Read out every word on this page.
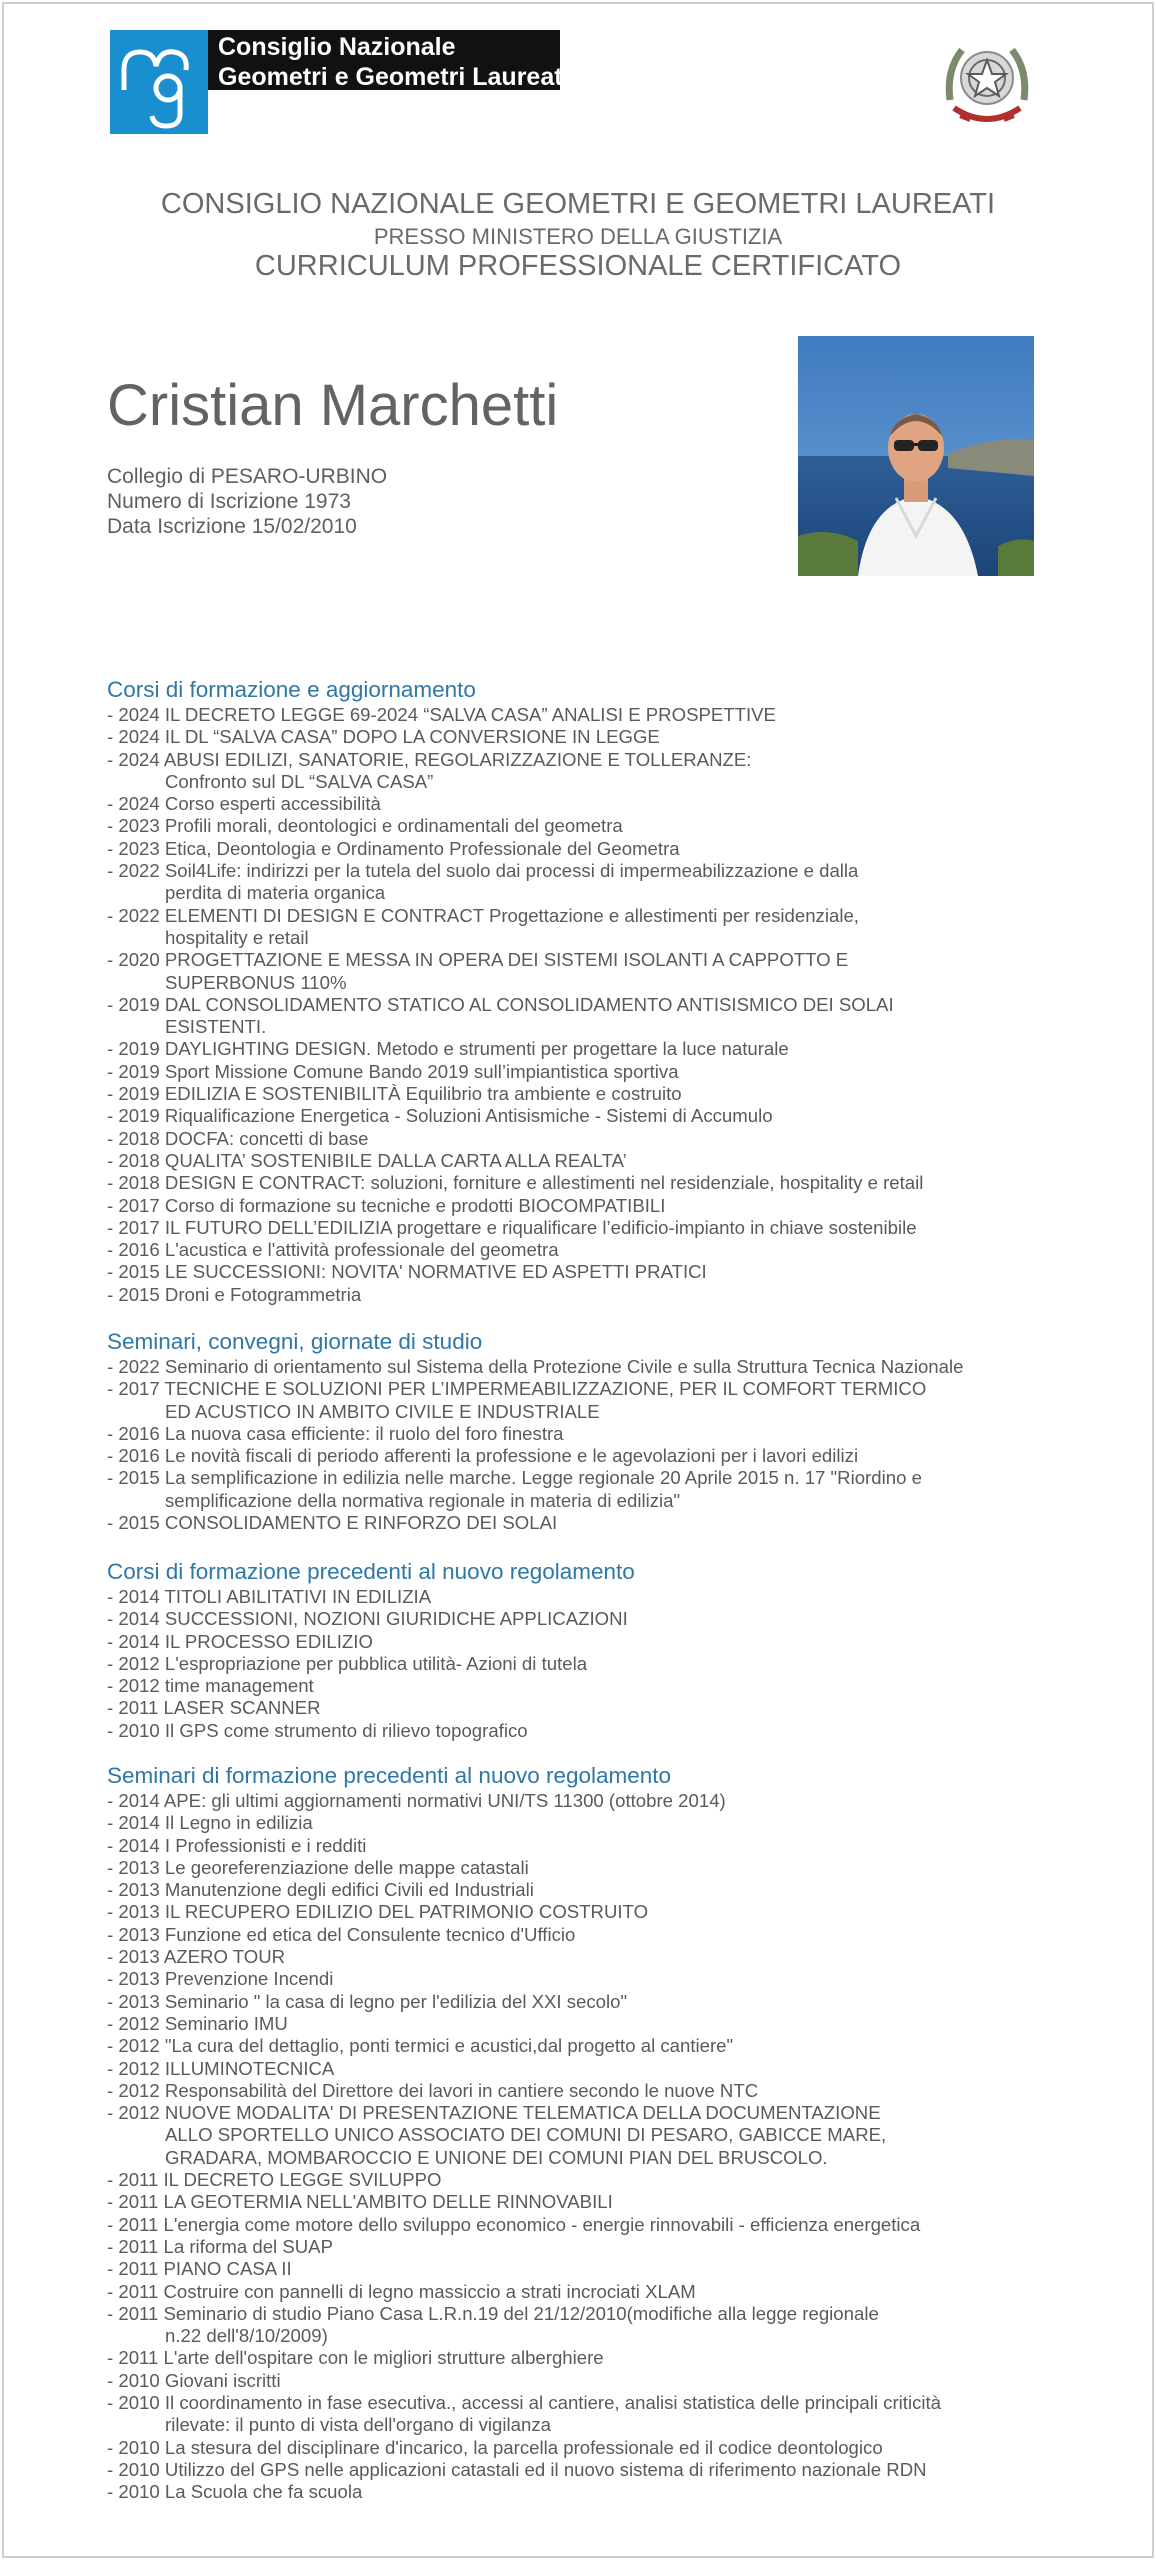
Consiglio Nazionale
Geometri e Geometri Laureati
CONSIGLIO NAZIONALE GEOMETRI E GEOMETRI LAUREATI
PRESSO MINISTERO DELLA GIUSTIZIA
CURRICULUM PROFESSIONALE CERTIFICATO
Cristian Marchetti
Collegio di PESARO-URBINO
Numero di Iscrizione 1973
Data Iscrizione 15/02/2010
Corsi di formazione e aggiornamento
- 2024 IL DECRETO LEGGE 69-2024 “SALVA CASA” ANALISI E PROSPETTIVE
- 2024 IL DL “SALVA CASA” DOPO LA CONVERSIONE IN LEGGE
- 2024 ABUSI EDILIZI, SANATORIE, REGOLARIZZAZIONE E TOLLERANZE:
Confronto sul DL “SALVA CASA”
- 2024 Corso esperti accessibilità
- 2023 Profili morali, deontologici e ordinamentali del geometra
- 2023 Etica, Deontologia e Ordinamento Professionale del Geometra
- 2022 Soil4Life: indirizzi per la tutela del suolo dai processi di impermeabilizzazione e dalla
perdita di materia organica
- 2022 ELEMENTI DI DESIGN E CONTRACT Progettazione e allestimenti per residenziale,
hospitality e retail
- 2020 PROGETTAZIONE E MESSA IN OPERA DEI SISTEMI ISOLANTI A CAPPOTTO E
SUPERBONUS 110%
- 2019 DAL CONSOLIDAMENTO STATICO AL CONSOLIDAMENTO ANTISISMICO DEI SOLAI
ESISTENTI.
- 2019 DAYLIGHTING DESIGN. Metodo e strumenti per progettare la luce naturale
- 2019 Sport Missione Comune Bando 2019 sull’impiantistica sportiva
- 2019 EDILIZIA E SOSTENIBILITÀ Equilibrio tra ambiente e costruito
- 2019 Riqualificazione Energetica - Soluzioni Antisismiche - Sistemi di Accumulo
- 2018 DOCFA: concetti di base
- 2018 QUALITA’ SOSTENIBILE DALLA CARTA ALLA REALTA’
- 2018 DESIGN E CONTRACT: soluzioni, forniture e allestimenti nel residenziale, hospitality e retail
- 2017 Corso di formazione su tecniche e prodotti BIOCOMPATIBILI
- 2017 IL FUTURO DELL’EDILIZIA progettare e riqualificare l’edificio-impianto in chiave sostenibile
- 2016 L'acustica e l'attività professionale del geometra
- 2015 LE SUCCESSIONI: NOVITA' NORMATIVE ED ASPETTI PRATICI
- 2015 Droni e Fotogrammetria
Seminari, convegni, giornate di studio
- 2022 Seminario di orientamento sul Sistema della Protezione Civile e sulla Struttura Tecnica Nazionale
- 2017 TECNICHE E SOLUZIONI PER L’IMPERMEABILIZZAZIONE, PER IL COMFORT TERMICO
ED ACUSTICO IN AMBITO CIVILE E INDUSTRIALE
- 2016 La nuova casa efficiente: il ruolo del foro finestra
- 2016 Le novità fiscali di periodo afferenti la professione e le agevolazioni per i lavori edilizi
- 2015 La semplificazione in edilizia nelle marche. Legge regionale 20 Aprile 2015 n. 17 "Riordino e
semplificazione della normativa regionale in materia di edilizia"
- 2015 CONSOLIDAMENTO E RINFORZO DEI SOLAI
Corsi di formazione precedenti al nuovo regolamento
- 2014 TITOLI ABILITATIVI IN EDILIZIA
- 2014 SUCCESSIONI, NOZIONI GIURIDICHE APPLICAZIONI
- 2014 IL PROCESSO EDILIZIO
- 2012 L'espropriazione per pubblica utilità- Azioni di tutela
- 2012 time management
- 2011 LASER SCANNER
- 2010 Il GPS come strumento di rilievo topografico
Seminari di formazione precedenti al nuovo regolamento
- 2014 APE: gli ultimi aggiornamenti normativi UNI/TS 11300 (ottobre 2014)
- 2014 Il Legno in edilizia
- 2014 I Professionisti e i redditi
- 2013 Le georeferenziazione delle mappe catastali
- 2013 Manutenzione degli edifici Civili ed Industriali
- 2013 IL RECUPERO EDILIZIO DEL PATRIMONIO COSTRUITO
- 2013 Funzione ed etica del Consulente tecnico d'Ufficio
- 2013 AZERO TOUR
- 2013 Prevenzione Incendi
- 2013 Seminario " la casa di legno per l'edilizia del XXI secolo"
- 2012 Seminario IMU
- 2012 "La cura del dettaglio, ponti termici e acustici,dal progetto al cantiere"
- 2012 ILLUMINOTECNICA
- 2012 Responsabilità del Direttore dei lavori in cantiere secondo le nuove NTC
- 2012 NUOVE MODALITA' DI PRESENTAZIONE TELEMATICA DELLA DOCUMENTAZIONE
ALLO SPORTELLO UNICO ASSOCIATO DEI COMUNI DI PESARO, GABICCE MARE,
GRADARA, MOMBAROCCIO E UNIONE DEI COMUNI PIAN DEL BRUSCOLO.
- 2011 IL DECRETO LEGGE SVILUPPO
- 2011 LA GEOTERMIA NELL'AMBITO DELLE RINNOVABILI
- 2011 L'energia come motore dello sviluppo economico - energie rinnovabili - efficienza energetica
- 2011 La riforma del SUAP
- 2011 PIANO CASA II
- 2011 Costruire con pannelli di legno massiccio a strati incrociati XLAM
- 2011 Seminario di studio Piano Casa L.R.n.19 del 21/12/2010(modifiche alla legge regionale
n.22 dell'8/10/2009)
- 2011 L'arte dell'ospitare con le migliori strutture alberghiere
- 2010 Giovani iscritti
- 2010 Il coordinamento in fase esecutiva., accessi al cantiere, analisi statistica delle principali criticità
rilevate: il punto di vista dell'organo di vigilanza
- 2010 La stesura del disciplinare d'incarico, la parcella professionale ed il codice deontologico
- 2010 Utilizzo del GPS nelle applicazioni catastali ed il nuovo sistema di riferimento nazionale RDN
- 2010 La Scuola che fa scuola
